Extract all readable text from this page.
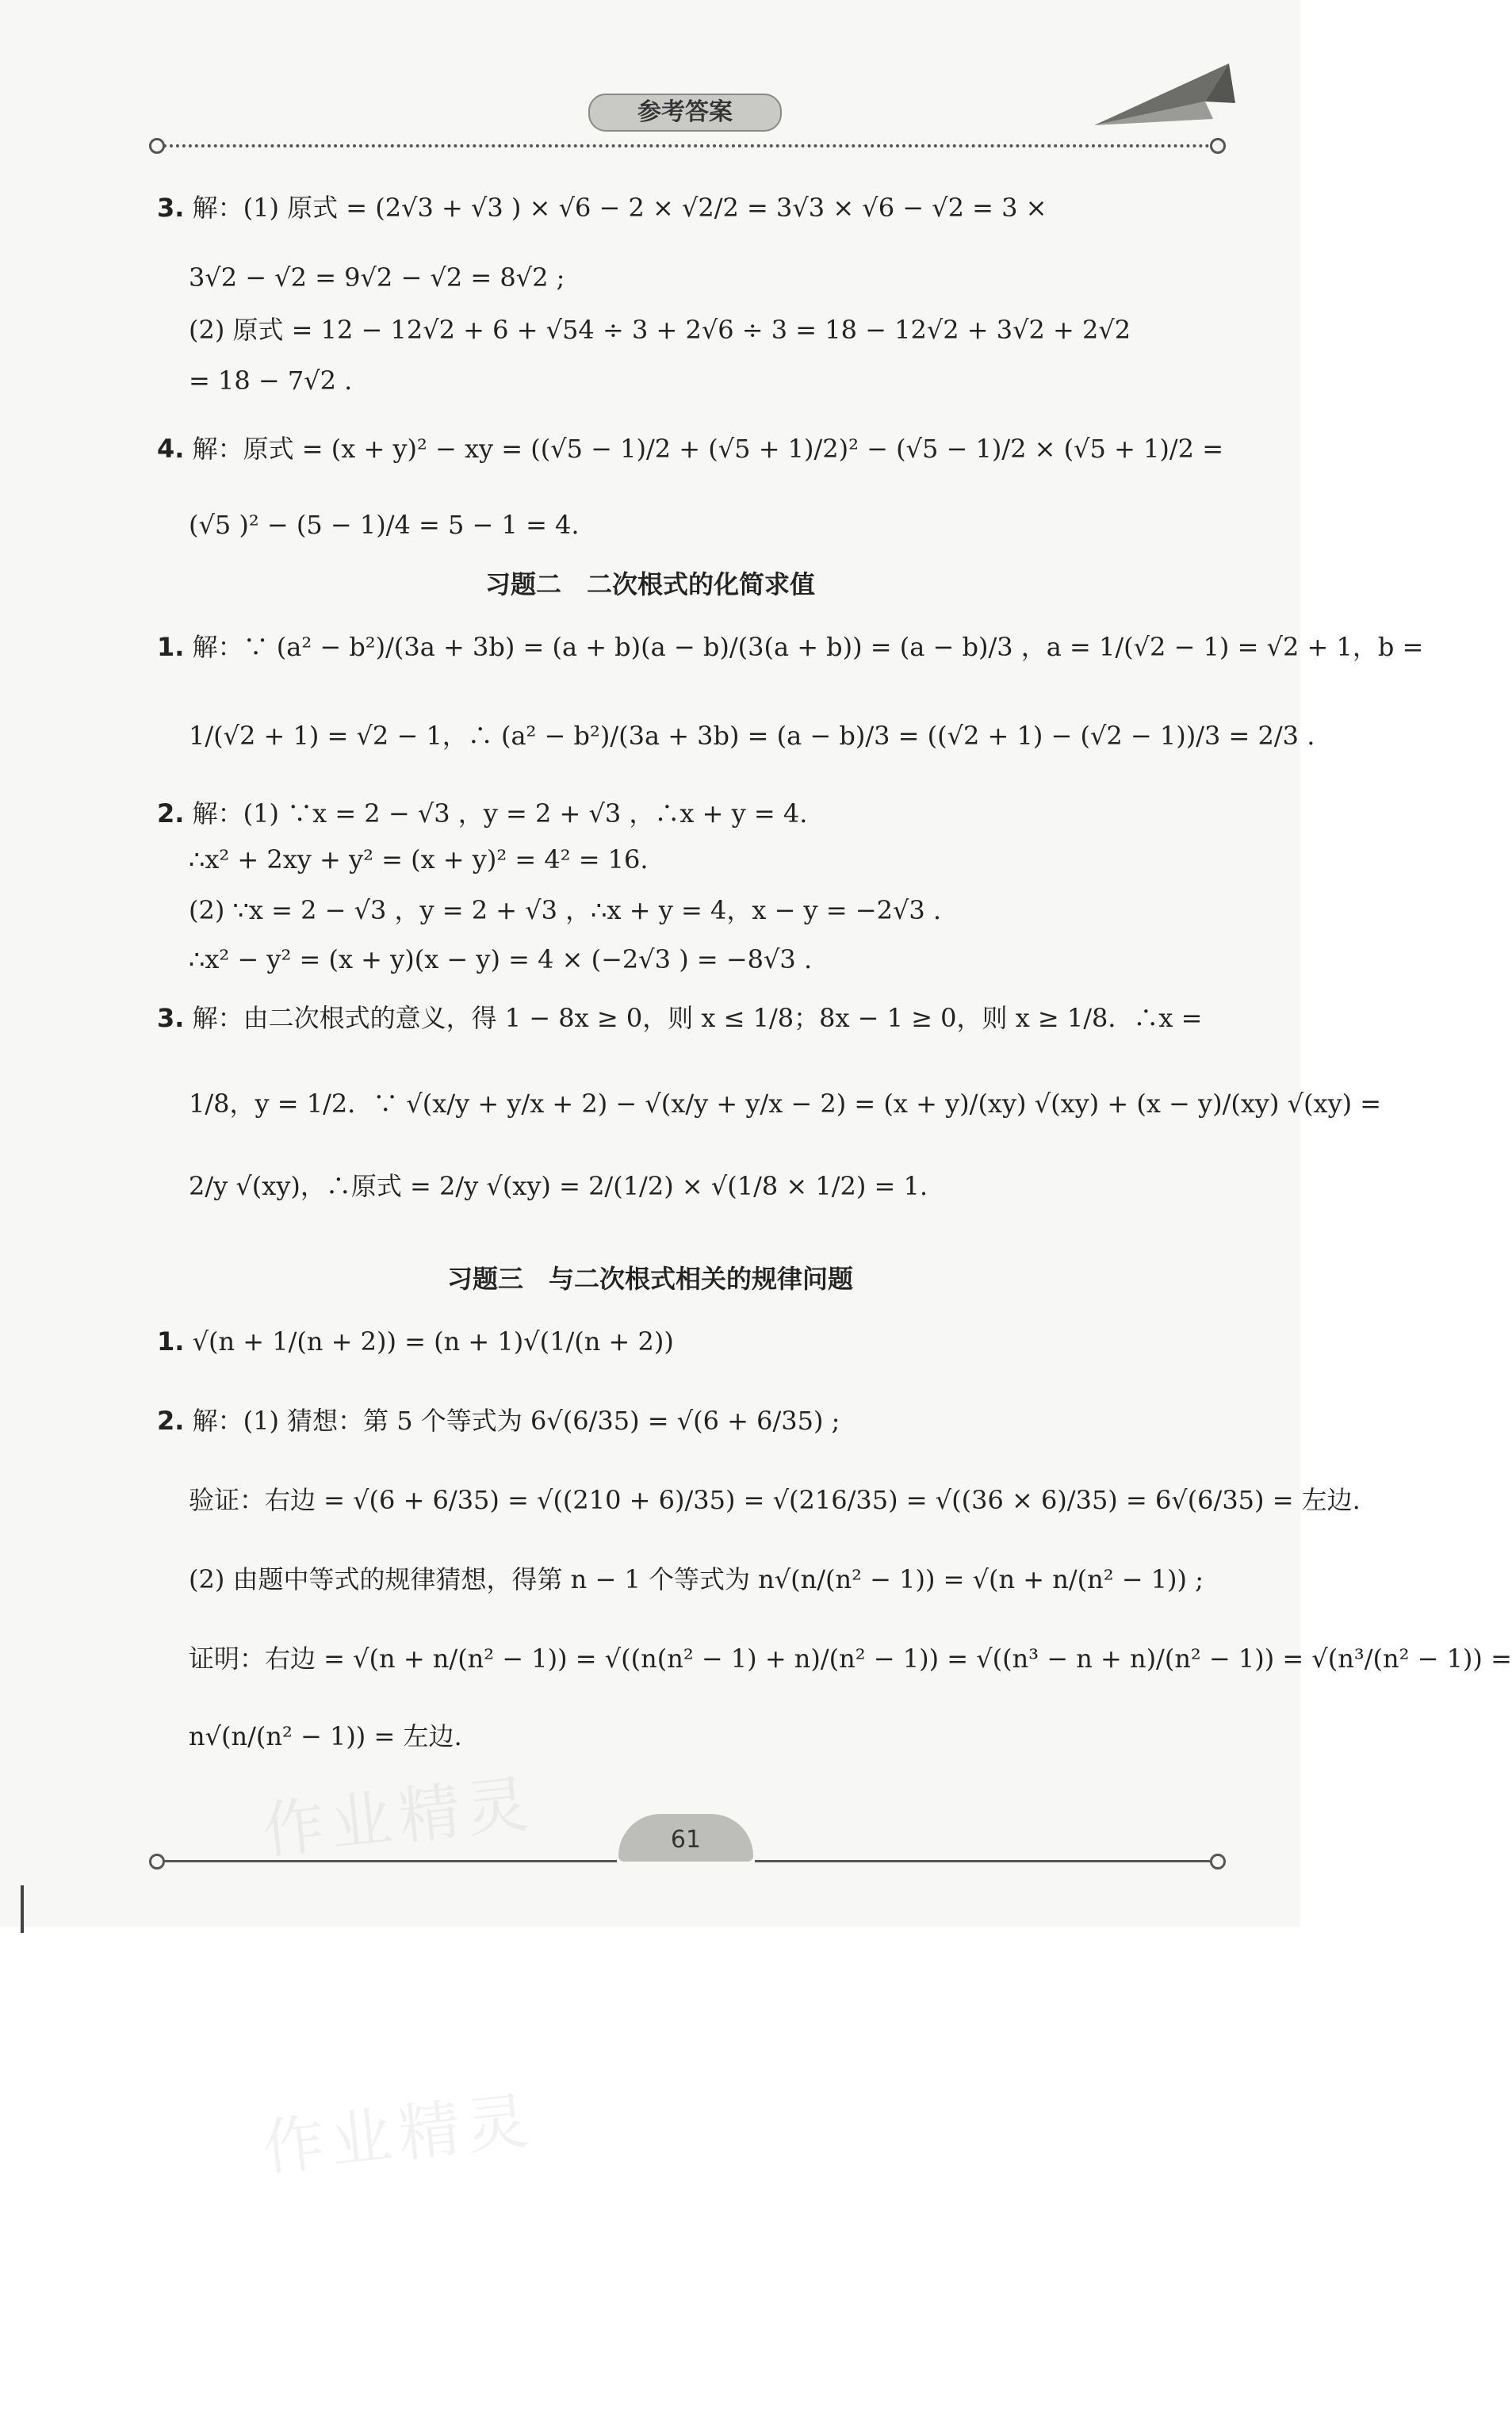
参考答案
作业精灵
3. 解：(1) 原式 = (2√3 + √3 ) × √6 − 2 × √2/2 = 3√3 × √6 − √2 = 3 ×
3√2 − √2 = 9√2 − √2 = 8√2 ;
(2) 原式 = 12 − 12√2 + 6 + √54 ÷ 3 + 2√6 ÷ 3 = 18 − 12√2 + 3√2 + 2√2
= 18 − 7√2 .
4. 解：原式 = (x + y)² − xy = ((√5 − 1)/2 + (√5 + 1)/2)² − (√5 − 1)/2 × (√5 + 1)/2 =
(√5 )² − (5 − 1)/4 = 5 − 1 = 4.
习题二　二次根式的化简求值
1. 解：∵ (a² − b²)/(3a + 3b) = (a + b)(a − b)/(3(a + b)) = (a − b)/3 ，a = 1/(√2 − 1) = √2 + 1，b =
1/(√2 + 1) = √2 − 1，∴ (a² − b²)/(3a + 3b) = (a − b)/3 = ((√2 + 1) − (√2 − 1))/3 = 2/3 .
2. 解：(1) ∵x = 2 − √3 ，y = 2 + √3 ，∴x + y = 4.
∴x² + 2xy + y² = (x + y)² = 4² = 16.
(2) ∵x = 2 − √3 ，y = 2 + √3 ，∴x + y = 4，x − y = −2√3 .
∴x² − y² = (x + y)(x − y) = 4 × (−2√3 ) = −8√3 .
3. 解：由二次根式的意义，得 1 − 8x ≥ 0，则 x ≤ 1/8；8x − 1 ≥ 0，则 x ≥ 1/8．∴x =
1/8，y = 1/2．∵ √(x/y + y/x + 2) − √(x/y + y/x − 2) = (x + y)/(xy) √(xy) + (x − y)/(xy) √(xy) =
2/y √(xy)，∴原式 = 2/y √(xy) = 2/(1/2) × √(1/8 × 1/2) = 1.
习题三　与二次根式相关的规律问题
1. √(n + 1/(n + 2)) = (n + 1)√(1/(n + 2))
2. 解：(1) 猜想：第 5 个等式为 6√(6/35) = √(6 + 6/35) ;
验证：右边 = √(6 + 6/35) = √((210 + 6)/35) = √(216/35) = √((36 × 6)/35) = 6√(6/35) = 左边.
(2) 由题中等式的规律猜想，得第 n − 1 个等式为 n√(n/(n² − 1)) = √(n + n/(n² − 1)) ;
证明：右边 = √(n + n/(n² − 1)) = √((n(n² − 1) + n)/(n² − 1)) = √((n³ − n + n)/(n² − 1)) = √(n³/(n² − 1)) =
n√(n/(n² − 1)) = 左边.
61
作业精灵
